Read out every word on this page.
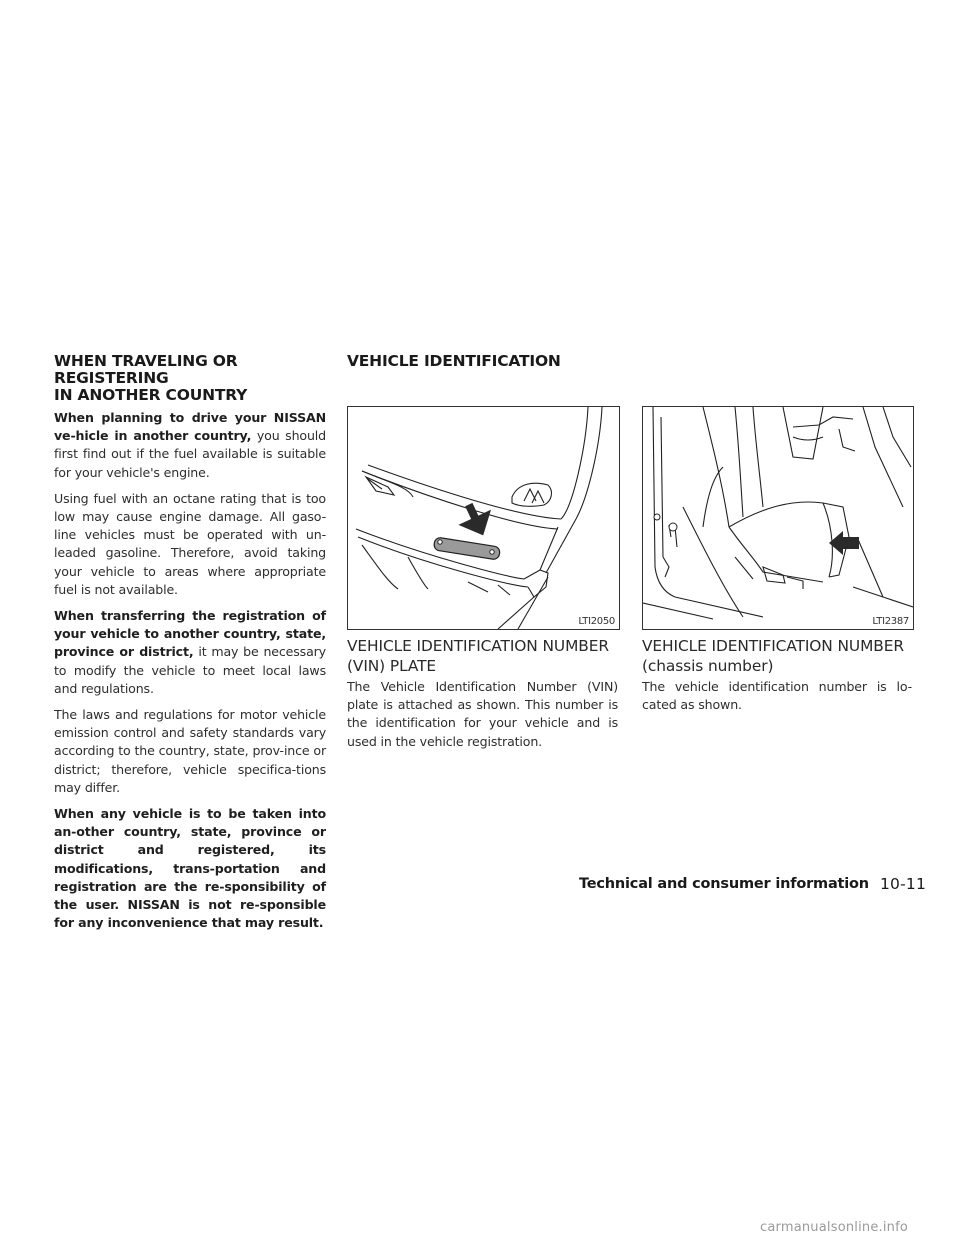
WHEN TRAVELING OR REGISTERING
IN ANOTHER COUNTRY

When planning to drive your NISSAN ve-hicle in another country, you should first find out if the fuel available is suitable for your vehicle's engine.

Using fuel with an octane rating that is too low may cause engine damage. All gaso-line vehicles must be operated with un-leaded gasoline. Therefore, avoid taking your vehicle to areas where appropriate fuel is not available.

When transferring the registration of your vehicle to another country, state, province or district, it may be necessary to modify the vehicle to meet local laws and regulations.

The laws and regulations for motor vehicle emission control and safety standards vary according to the country, state, prov-ince or district; therefore, vehicle specifica-tions may differ.

When any vehicle is to be taken into an-other country, state, province or district and registered, its modifications, trans-portation and registration are the re-sponsibility of the user. NISSAN is not re-sponsible for any inconvenience that may result.

VEHICLE IDENTIFICATION
LTI2050	LTI2387
VEHICLE IDENTIFICATION NUMBER
(VIN) PLATE
The Vehicle Identification Number (VIN) plate is attached as shown. This number is the identification for your vehicle and is used in the vehicle registration.
VEHICLE IDENTIFICATION NUMBER
(chassis number)
The vehicle identification number is lo-cated as shown.
Technical and consumer information 10-11
carmanualsonline.info
